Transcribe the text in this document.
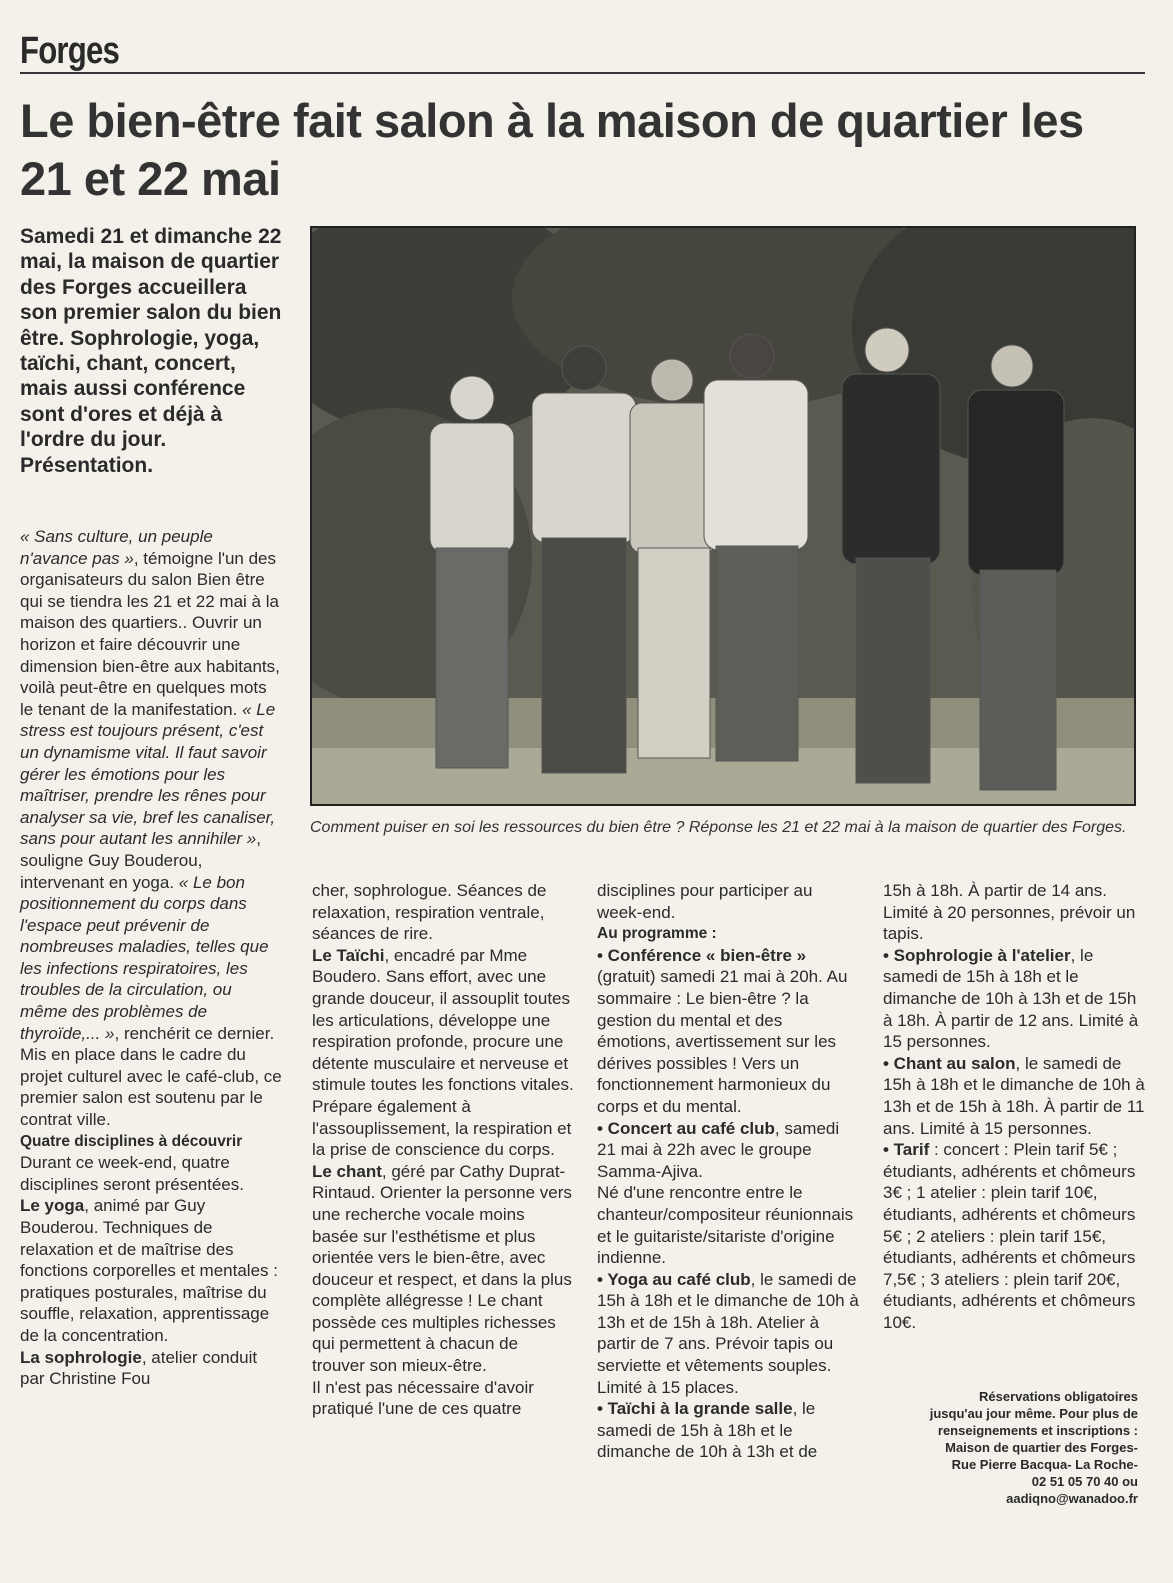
Forges
Le bien-être fait salon à la maison de quartier les 21 et 22 mai
Samedi 21 et dimanche 22 mai, la maison de quartier des Forges accueillera son premier salon du bien être. Sophrologie, yoga, taïchi, chant, concert, mais aussi conférence sont d'ores et déjà à l'ordre du jour. Présentation.
Comment puiser en soi les ressources du bien être ? Réponse les 21 et 22 mai à la maison de quartier des Forges.

« Sans culture, un peuple n'avance pas », témoigne l'un des organisateurs du salon Bien être qui se tiendra les 21 et 22 mai à la maison des quartiers.. Ouvrir un horizon et faire découvrir une dimension bien-être aux habitants, voilà peut-être en quelques mots le tenant de la manifestation. « Le stress est toujours présent, c'est un dynamisme vital. Il faut savoir gérer les émotions pour les maîtriser, prendre les rênes pour analyser sa vie, bref les canaliser, sans pour autant les annihiler », souligne Guy Bouderou, intervenant en yoga. « Le bon positionnement du corps dans l'espace peut prévenir de nombreuses maladies, telles que les infections respiratoires, les troubles de la circulation, ou même des problèmes de thyroïde,... », renchérit ce dernier. Mis en place dans le cadre du projet culturel avec le café-club, ce premier salon est soutenu par le contrat ville.

Quatre disciplines à découvrir

Durant ce week-end, quatre disciplines seront présentées.

Le yoga, animé par Guy Bouderou. Techniques de relaxation et de maîtrise des fonctions corporelles et mentales : pratiques posturales, maîtrise du souffle, relaxation, apprentissage de la concentration.

La sophrologie, atelier conduit par Christine Fou

cher, sophrologue. Séances de relaxation, respiration ventrale, séances de rire.

Le Taïchi, encadré par Mme Boudero. Sans effort, avec une grande douceur, il assouplit toutes les articulations, développe une respiration profonde, procure une détente musculaire et nerveuse et stimule toutes les fonctions vitales. Prépare également à l'assouplissement, la respiration et la prise de conscience du corps.

Le chant, géré par Cathy Duprat-Rintaud. Orienter la personne vers une recherche vocale moins basée sur l'esthétisme et plus orientée vers le bien-être, avec douceur et respect, et dans la plus complète allégresse ! Le chant possède ces multiples richesses qui permettent à chacun de trouver son mieux-être.

Il n'est pas nécessaire d'avoir pratiqué l'une de ces quatre

disciplines pour participer au week-end.

Au programme :

• Conférence « bien-être » (gratuit) samedi 21 mai à 20h. Au sommaire : Le bien-être ? la gestion du mental et des émotions, avertissement sur les dérives possibles ! Vers un fonctionnement harmonieux du corps et du mental.

• Concert au café club, samedi 21 mai à 22h avec le groupe Samma-Ajiva.

Né d'une rencontre entre le chanteur/compositeur réunionnais et le guitariste/sitariste d'origine indienne.

• Yoga au café club, le samedi de 15h à 18h et le dimanche de 10h à 13h et de 15h à 18h. Atelier à partir de 7 ans. Prévoir tapis ou serviette et vêtements souples. Limité à 15 places.

• Taïchi à la grande salle, le samedi de 15h à 18h et le dimanche de 10h à 13h et de

15h à 18h. À partir de 14 ans. Limité à 20 personnes, prévoir un tapis.

• Sophrologie à l'atelier, le samedi de 15h à 18h et le dimanche de 10h à 13h et de 15h à 18h. À partir de 12 ans. Limité à 15 personnes.

• Chant au salon, le samedi de 15h à 18h et le dimanche de 10h à 13h et de 15h à 18h. À partir de 11 ans. Limité à 15 personnes.

• Tarif : concert : Plein tarif 5€ ; étudiants, adhérents et chômeurs 3€ ; 1 atelier : plein tarif 10€, étudiants, adhérents et chômeurs 5€ ; 2 ateliers : plein tarif 15€, étudiants, adhérents et chômeurs 7,5€ ; 3 ateliers : plein tarif 20€, étudiants, adhérents et chômeurs 10€.

Réservations obligatoires
jusqu'au jour même. Pour plus de
renseignements et inscriptions :
Maison de quartier des Forges-
Rue Pierre Bacqua- La Roche-
02 51 05 70 40 ou
aadiqno@wanadoo.fr
